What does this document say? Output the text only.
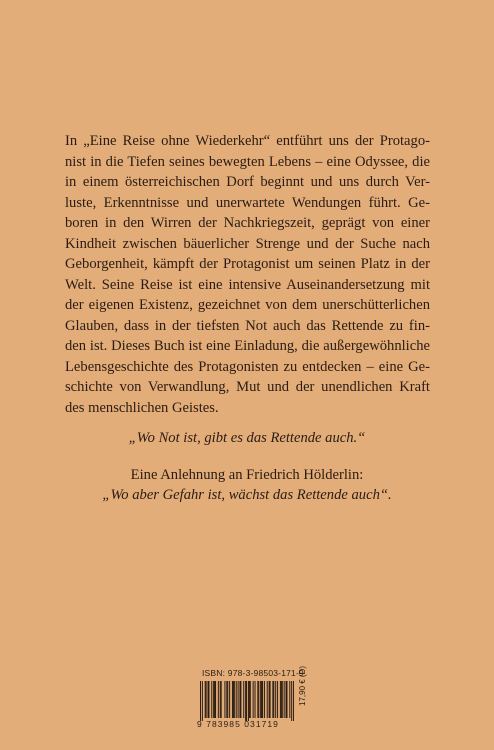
In „Eine Reise ohne Wiederkehr“ entführt uns der Protago-
nist in die Tiefen seines bewegten Lebens – eine Odyssee, die
in einem österreichischen Dorf beginnt und uns durch Ver-
luste, Erkenntnisse und unerwartete Wendungen führt. Ge-
boren in den Wirren der Nachkriegszeit, geprägt von einer
Kindheit zwischen bäuerlicher Strenge und der Suche nach
Geborgenheit, kämpft der Protagonist um seinen Platz in der
Welt. Seine Reise ist eine intensive Auseinandersetzung mit
der eigenen Existenz, gezeichnet von dem unerschütterlichen
Glauben, dass in der tiefsten Not auch das Rettende zu fin-
den ist. Dieses Buch ist eine Einladung, die außergewöhnliche
Lebensgeschichte des Protagonisten zu entdecken – eine Ge-
schichte von Verwandlung, Mut und der unendlichen Kraft
des menschlichen Geistes.
„Wo Not ist, gibt es das Rettende auch.“
Eine Anlehnung an Friedrich Hölderlin:
„Wo aber Gefahr ist, wächst das Rettende auch“.
ISBN: 978-3-98503-171-9
9 783985 031719
17,90 € (D)
